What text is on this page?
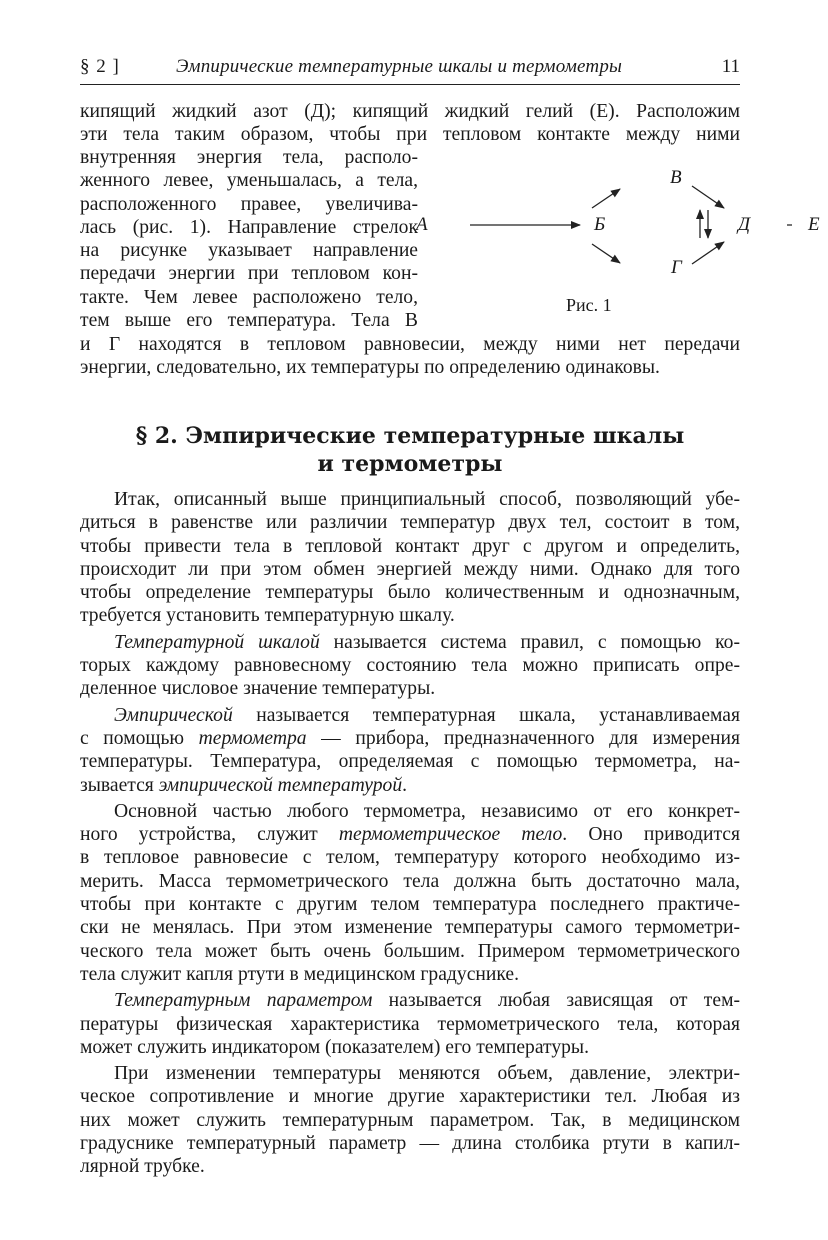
§ 2 ]	Эмпирические температурные шкалы и термометры	11

кипящий жидкий азот (Д); кипящий жидкий гелий (Е). Расположим
эти тела таким образом, чтобы при тепловом контакте между ними

внутренняя энергия тела, располо-
женного левее, уменьшалась, а тела,
расположенного правее, увеличива-
лась (рис. 1). Направление стрелок
на рисунке указывает направление
передачи энергии при тепловом кон-
такте. Чем левее расположено тело,
тем выше его температура. Тела В

А	Б
В
Г
Д	Е
Рис. 1

и Г находятся в тепловом равновесии, между ними нет передачи
энергии, следовательно, их температуры по определению одинаковы.

§ 2. Эмпирические температурные шкалы
и термометры

Итак, описанный выше принципиальный способ, позволяющий убе-
диться в равенстве или различии температур двух тел, состоит в том,
чтобы привести тела в тепловой контакт друг с другом и определить,
происходит ли при этом обмен энергией между ними. Однако для того
чтобы определение температуры было количественным и однозначным,
требуется установить температурную шкалу.

Температурной шкалой называется система правил, с помощью ко-
торых каждому равновесному состоянию тела можно приписать опре-
деленное числовое значение температуры.

Эмпирической называется температурная шкала, устанавливаемая
с помощью термометра — прибора, предназначенного для измерения
температуры. Температура, определяемая с помощью термометра, на-
зывается эмпирической температурой.

Основной частью любого термометра, независимо от его конкрет-
ного устройства, служит термометрическое тело. Оно приводится
в тепловое равновесие с телом, температуру которого необходимо из-
мерить. Масса термометрического тела должна быть достаточно мала,
чтобы при контакте с другим телом температура последнего практиче-
ски не менялась. При этом изменение температуры самого термометри-
ческого тела может быть очень большим. Примером термометрического
тела служит капля ртути в медицинском градуснике.

Температурным параметром называется любая зависящая от тем-
пературы физическая характеристика термометрического тела, которая
может служить индикатором (показателем) его температуры.

При изменении температуры меняются объем, давление, электри-
ческое сопротивление и многие другие характеристики тел. Любая из
них может служить температурным параметром. Так, в медицинском
градуснике температурный параметр — длина столбика ртути в капил-
лярной трубке.
